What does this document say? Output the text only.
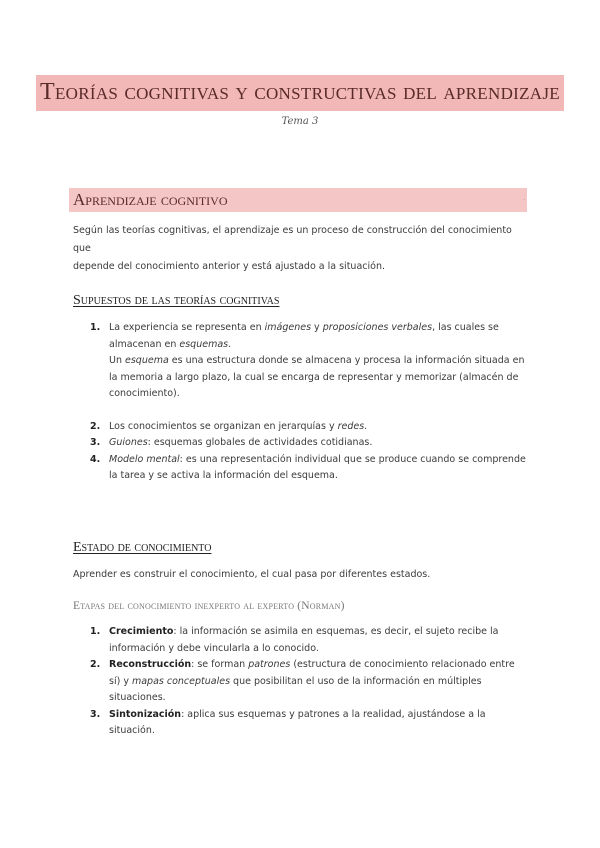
Teorías cognitivas y constructivas del aprendizaje
Tema 3
Aprendizaje cognitivo	.
Según las teorías cognitivas, el aprendizaje es un proceso de construcción del conocimiento que
depende del conocimiento anterior y está ajustado a la situación.
Supuestos de las teorías cognitivas
1. La experiencia se representa en imágenes y proposiciones verbales, las cuales se almacenan en esquemas.
Un esquema es una estructura donde se almacena y procesa la información situada en la memoria a largo plazo, la cual se encarga de representar y memorizar (almacén de conocimiento).
2. Los conocimientos se organizan en jerarquías y redes.
3. Guiones: esquemas globales de actividades cotidianas.
4. Modelo mental: es una representación individual que se produce cuando se comprende la tarea y se activa la información del esquema.
Estado de conocimiento
Aprender es construir el conocimiento, el cual pasa por diferentes estados.
Etapas del conocimiento inexperto al experto (Norman)
1. Crecimiento: la información se asimila en esquemas, es decir, el sujeto recibe la información y debe vincularla a lo conocido.
2. Reconstrucción: se forman patrones (estructura de conocimiento relacionado entre sí) y mapas conceptuales que posibilitan el uso de la información en múltiples situaciones.
3. Sintonización: aplica sus esquemas y patrones a la realidad, ajustándose a la situación.
